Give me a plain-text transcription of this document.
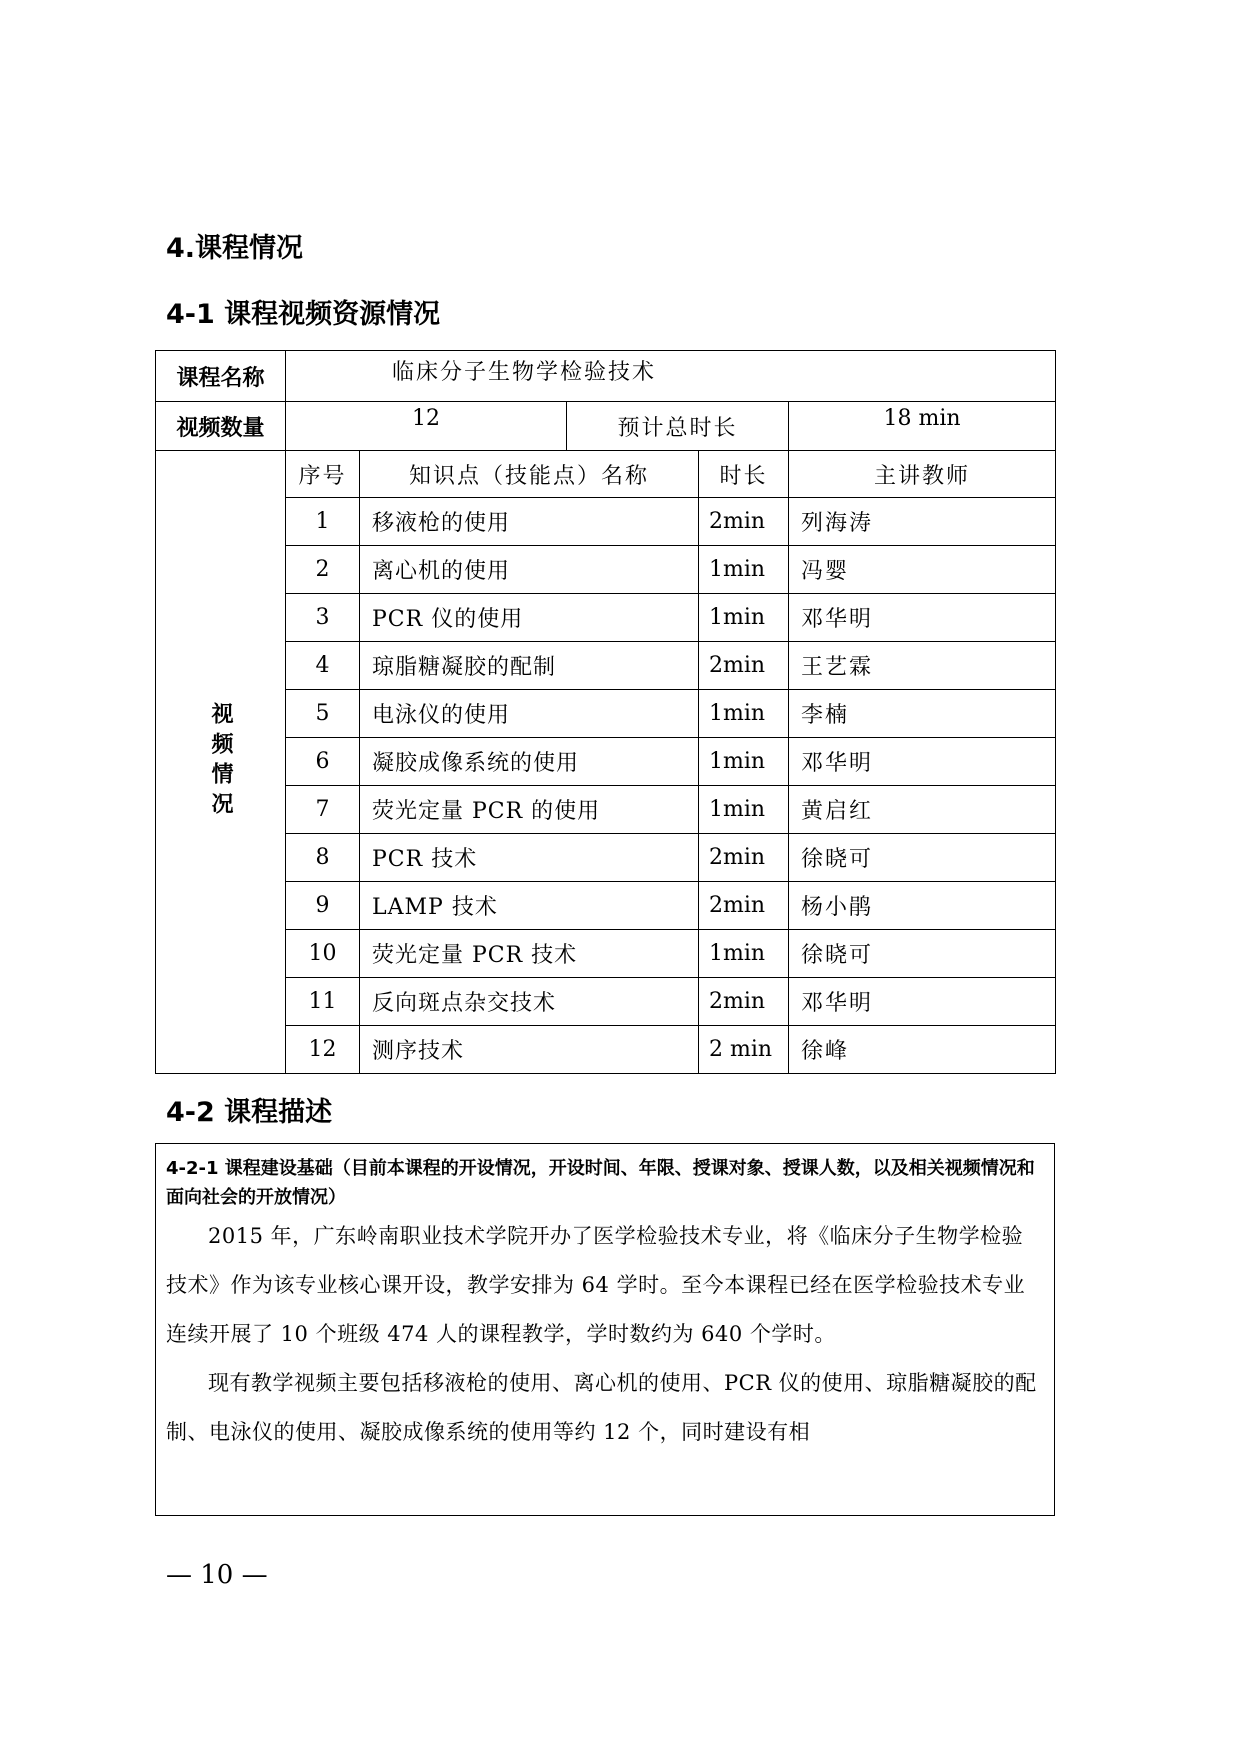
4.课程情况
4-1 课程视频资源情况
课程名称	临床分子生物学检验技术				
视频数量	12		预计总时长		18 min

视频情况	序号	知识点（技能点）名称		时长	主讲教师
	1	移液枪的使用		2min	列海涛
	2	离心机的使用		1min	冯婴
	3	PCR 仪的使用		1min	邓华明
	4	琼脂糖凝胶的配制		2min	王艺霖
	5	电泳仪的使用		1min	李楠
	6	凝胶成像系统的使用		1min	邓华明
	7	荧光定量 PCR 的使用		1min	黄启红
	8	PCR 技术		2min	徐晓可
	9	LAMP 技术		2min	杨小鹃
	10	荧光定量 PCR 技术		1min	徐晓可
	11	反向斑点杂交技术		2min	邓华明
	12	测序技术		2 min	徐峰
4-2 课程描述
4-2-1 课程建设基础（目前本课程的开设情况，开设时间、年限、授课对象、授课人数，以及相关视频情况和面向社会的开放情况）

2015 年，广东岭南职业技术学院开办了医学检验技术专业，将《临床分子生物学检验技术》作为该专业核心课开设，教学安排为 64 学时。至今本课程已经在医学检验技术专业连续开展了 10 个班级 474 人的课程教学，学时数约为 640 个学时。

现有教学视频主要包括移液枪的使用、离心机的使用、PCR 仪的使用、琼脂糖凝胶的配制、电泳仪的使用、凝胶成像系统的使用等约 12 个，同时建设有相

— 10 —
